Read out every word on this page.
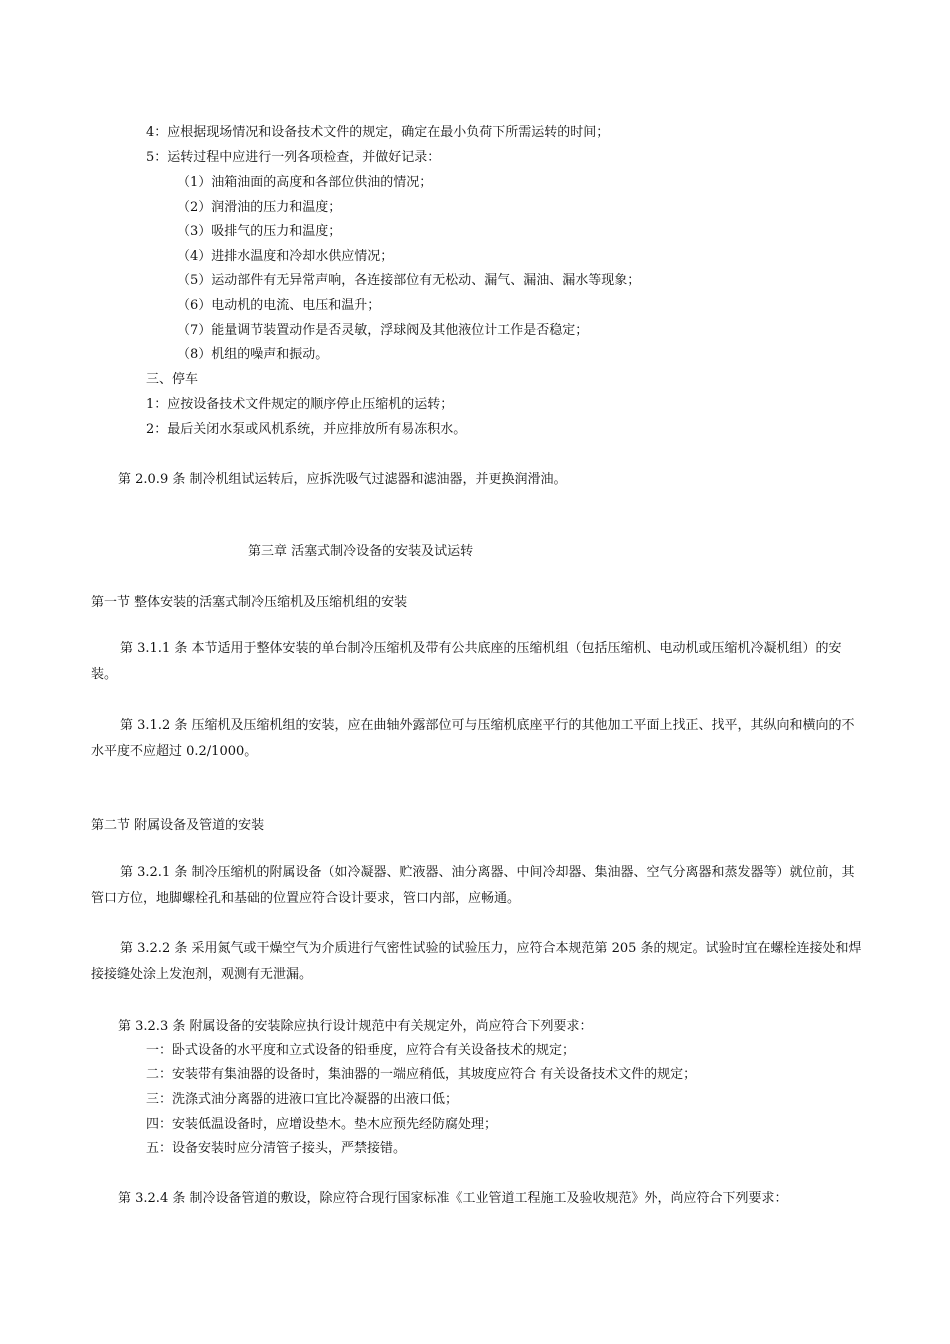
4：应根据现场情况和设备技术文件的规定，确定在最小负荷下所需运转的时间；
5：运转过程中应进行一列各项检查，并做好记录：
（1）油箱油面的高度和各部位供油的情况；
（2）润滑油的压力和温度；
（3）吸排气的压力和温度；
（4）进排水温度和冷却水供应情况；
（5）运动部件有无异常声响，各连接部位有无松动、漏气、漏油、漏水等现象；
（6）电动机的电流、电压和温升；
（7）能量调节装置动作是否灵敏，浮球阀及其他液位计工作是否稳定；
（8）机组的噪声和振动。
三、停车
1：应按设备技术文件规定的顺序停止压缩机的运转；
2：最后关闭水泵或风机系统，并应排放所有易冻积水。
第 2.0.9 条 制冷机组试运转后，应拆洗吸气过滤器和滤油器，并更换润滑油。
第三章 活塞式制冷设备的安装及试运转
第一节 整体安装的活塞式制冷压缩机及压缩机组的安装
第 3.1.1 条 本节适用于整体安装的单台制冷压缩机及带有公共底座的压缩机组（包括压缩机、电动机或压缩机冷凝机组）的安装。
第 3.1.2 条 压缩机及压缩机组的安装，应在曲轴外露部位可与压缩机底座平行的其他加工平面上找正、找平，其纵向和横向的不水平度不应超过 0.2/1000。
第二节 附属设备及管道的安装
第 3.2.1 条 制冷压缩机的附属设备（如冷凝器、贮液器、油分离器、中间冷却器、集油器、空气分离器和蒸发器等）就位前，其管口方位，地脚螺栓孔和基础的位置应符合设计要求，管口内部，应畅通。
第 3.2.2 条 采用氮气或干燥空气为介质进行气密性试验的试验压力，应符合本规范第 205 条的规定。试验时宜在螺栓连接处和焊接接缝处涂上发泡剂，观测有无泄漏。
第 3.2.3 条 附属设备的安装除应执行设计规范中有关规定外，尚应符合下列要求：
一：卧式设备的水平度和立式设备的铅垂度，应符合有关设备技术的规定；
二：安装带有集油器的设备时，集油器的一端应稍低，其坡度应符合 有关设备技术文件的规定；
三：洗涤式油分离器的进液口宜比冷凝器的出液口低；
四：安装低温设备时，应增设垫木。垫木应预先经防腐处理；
五：设备安装时应分清管子接头，严禁接错。
第 3.2.4 条 制冷设备管道的敷设，除应符合现行国家标准《工业管道工程施工及验收规范》外，尚应符合下列要求：
